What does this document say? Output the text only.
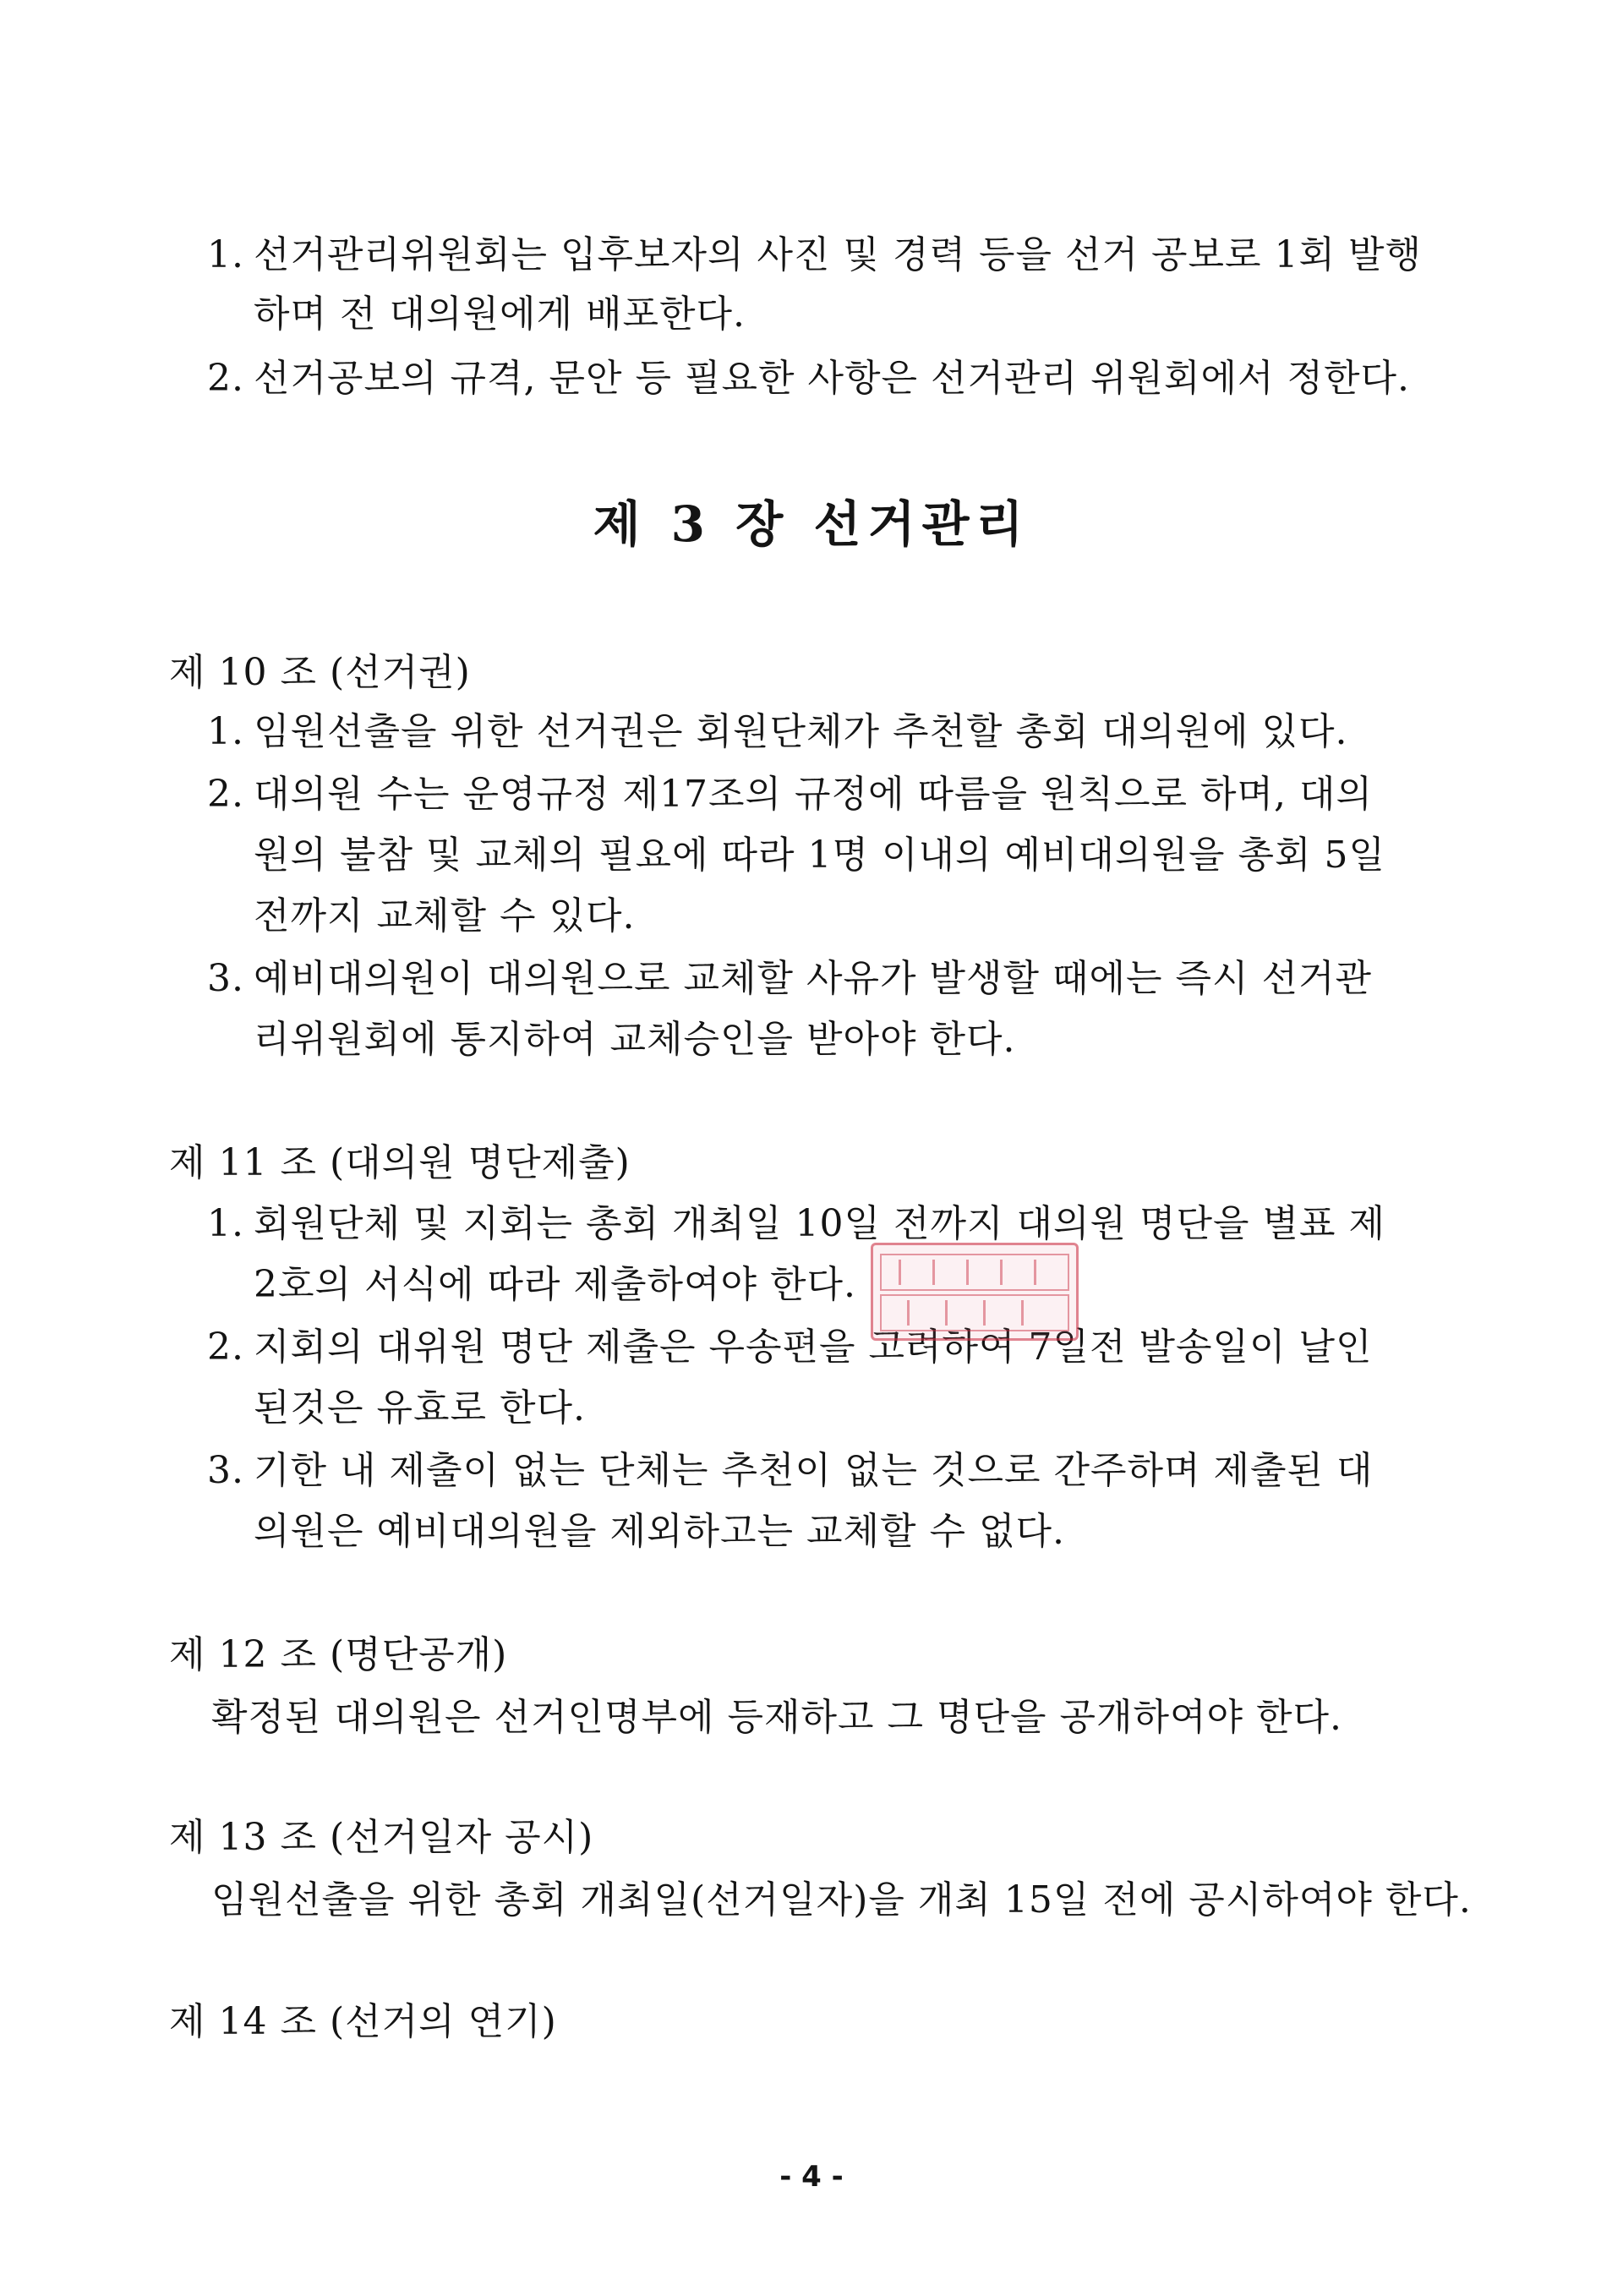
1. 선거관리위원회는 입후보자의 사진 및 경력 등을 선거 공보로 1회 발행
하며 전 대의원에게 배포한다.
2. 선거공보의 규격, 문안 등 필요한 사항은 선거관리 위원회에서 정한다.
제 3 장 선거관리
제 10 조 (선거권)
1. 임원선출을 위한 선거권은 회원단체가 추천할 총회 대의원에 있다.
2. 대의원 수는 운영규정 제17조의 규정에 따름을 원칙으로 하며, 대의
원의 불참 및 교체의 필요에 따라 1명 이내의 예비대의원을 총회 5일
전까지 교체할 수 있다.
3. 예비대의원이 대의원으로 교체할 사유가 발생할 때에는 즉시 선거관
리위원회에 통지하여 교체승인을 받아야 한다.
제 11 조 (대의원 명단제출)
1. 회원단체 및 지회는 총회 개최일 10일 전까지 대의원 명단을 별표 제
2호의 서식에 따라 제출하여야 한다.
2. 지회의 대위원 명단 제출은 우송편을 고려하여 7일전 발송일이 날인
된것은 유효로 한다.
3. 기한 내 제출이 없는 단체는 추천이 없는 것으로 간주하며 제출된 대
의원은 예비대의원을 제외하고는 교체할 수 없다.
제 12 조 (명단공개)
확정된 대의원은 선거인명부에 등재하고 그 명단을 공개하여야 한다.
제 13 조 (선거일자 공시)
임원선출을 위한 총회 개최일(선거일자)을 개최 15일 전에 공시하여야 한다.
제 14 조 (선거의 연기)
- 4 -
